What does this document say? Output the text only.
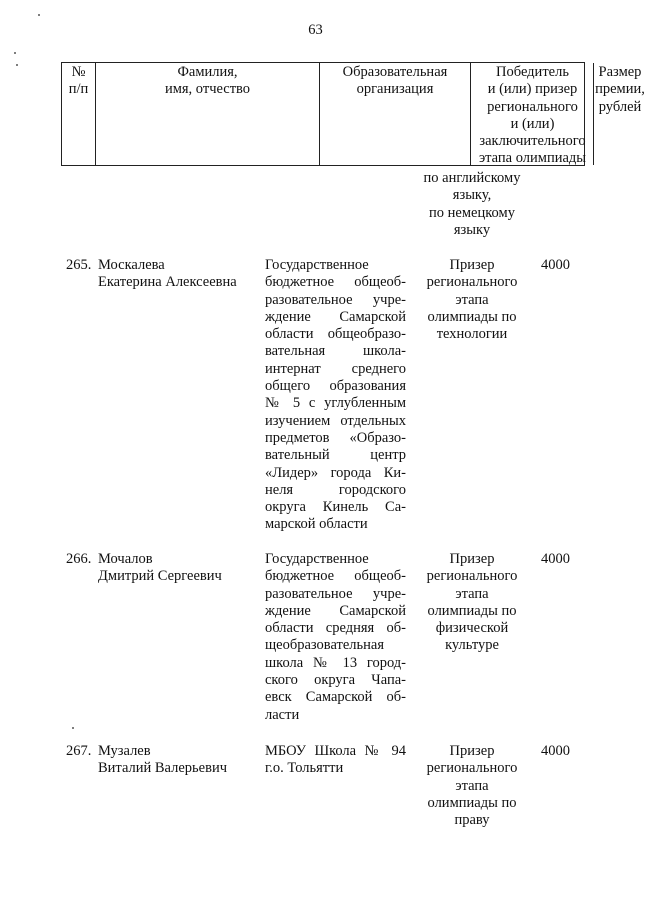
63
№
п/п
Фамилия,
имя, отчество
Образовательная
организация
Победитель
и (или) призер
регионального
и (или)
заключительного
этапа олимпиады
Размер
премии,
рублей
по английскому
языку,
по немецкому
языку
265. Москалева
Екатерина Алексеевна
Государственное
бюджетное общеоб-
разовательное учре-
ждение Самарской
области общеобразо-
вательная школа-
интернат среднего
общего образования
№ 5 с углубленным
изучением отдельных
предметов «Образо-
вательный центр
«Лидер» города Ки-
неля городского
округа Кинель Са-
марской области
Призер
регионального
этапа
олимпиады по
технологии
4000
266. Мочалов
Дмитрий Сергеевич
Государственное
бюджетное общеоб-
разовательное учре-
ждение Самарской
области средняя об-
щеобразовательная
школа № 13 город-
ского округа Чапа-
евск Самарской об-
ласти
Призер
регионального
этапа
олимпиады по
физической
культуре
4000
267. Музалев
Виталий Валерьевич
МБОУ Школа № 94
г.о. Тольятти
Призер
регионального
этапа
олимпиады по
праву
4000
